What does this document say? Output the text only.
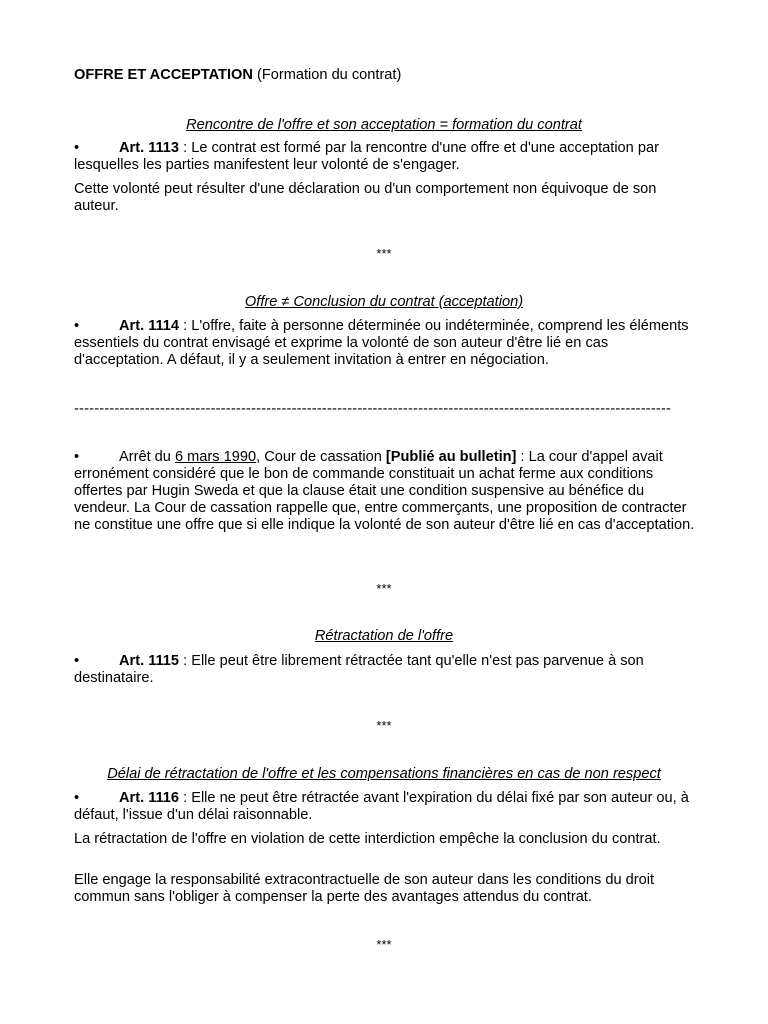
OFFRE ET ACCEPTATION (Formation du contrat)

Rencontre de l'offre et son acceptation = formation du contrat

•	Art. 1113 : Le contrat est formé par la rencontre d'une offre et d'une acceptation par lesquelles les parties manifestent leur volonté de s'engager.

Cette volonté peut résulter d'une déclaration ou d'un comportement non équivoque de son auteur.

***

Offre ≠ Conclusion du contrat (acceptation)

•	Art. 1114 : L'offre, faite à personne déterminée ou indéterminée, comprend les éléments essentiels du contrat envisagé et exprime la volonté de son auteur d'être lié en cas d'acceptation. A défaut, il y a seulement invitation à entrer en négociation.

----------------------------------------------------------------------------------------------------------------------

•	Arrêt du 6 mars 1990, Cour de cassation [Publié au bulletin] : La cour d'appel avait erronément considéré que le bon de commande constituait un achat ferme aux conditions offertes par Hugin Sweda et que la clause était une condition suspensive au bénéfice du vendeur. La Cour de cassation rappelle que, entre commerçants, une proposition de contracter ne constitue une offre que si elle indique la volonté de son auteur d'être lié en cas d'acceptation.

***

Rétractation de l'offre

•	Art. 1115 : Elle peut être librement rétractée tant qu'elle n'est pas parvenue à son destinataire.

***

Délai de rétractation de l'offre et les compensations financières en cas de non respect

•	Art. 1116 : Elle ne peut être rétractée avant l'expiration du délai fixé par son auteur ou, à défaut, l'issue d'un délai raisonnable.

La rétractation de l'offre en violation de cette interdiction empêche la conclusion du contrat.

Elle engage la responsabilité extracontractuelle de son auteur dans les conditions du droit commun sans l'obliger à compenser la perte des avantages attendus du contrat.

***
